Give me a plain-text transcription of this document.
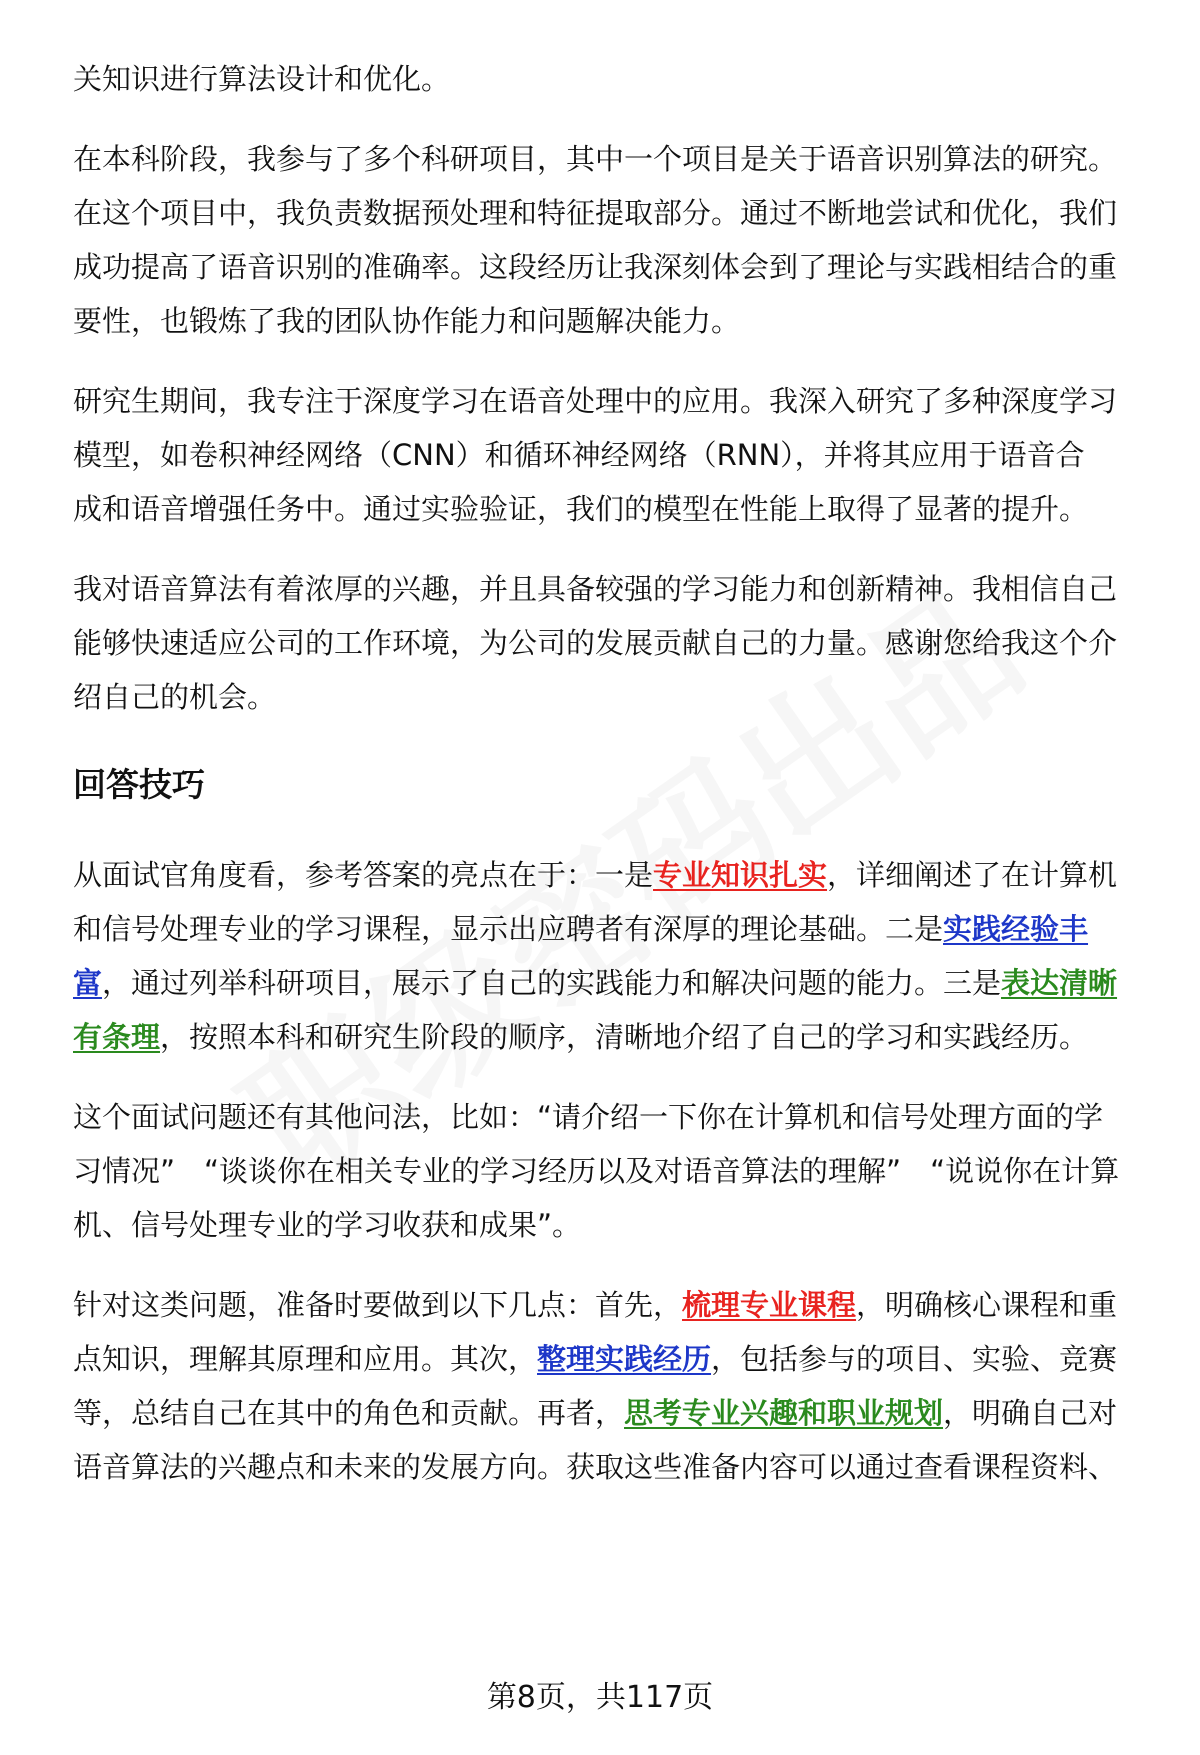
关知识进行算法设计和优化。
在本科阶段，我参与了多个科研项目，其中一个项目是关于语音识别算法的研究。
在这个项目中，我负责数据预处理和特征提取部分。通过不断地尝试和优化，我们
成功提高了语音识别的准确率。这段经历让我深刻体会到了理论与实践相结合的重
要性，也锻炼了我的团队协作能力和问题解决能力。
研究生期间，我专注于深度学习在语音处理中的应用。我深入研究了多种深度学习
模型，如卷积神经网络（CNN）和循环神经网络（RNN），并将其应用于语音合
成和语音增强任务中。通过实验验证，我们的模型在性能上取得了显著的提升。
我对语音算法有着浓厚的兴趣，并且具备较强的学习能力和创新精神。我相信自己
能够快速适应公司的工作环境，为公司的发展贡献自己的力量。感谢您给我这个介
绍自己的机会。
回答技巧
从面试官角度看，参考答案的亮点在于：一是专业知识扎实，详细阐述了在计算机
和信号处理专业的学习课程，显示出应聘者有深厚的理论基础。二是实践经验丰
富，通过列举科研项目，展示了自己的实践能力和解决问题的能力。三是表达清晰
有条理，按照本科和研究生阶段的顺序，清晰地介绍了自己的学习和实践经历。
这个面试问题还有其他问法，比如：“请介绍一下你在计算机和信号处理方面的学
习情况”　“谈谈你在相关专业的学习经历以及对语音算法的理解”　“说说你在计算
机、信号处理专业的学习收获和成果”。
针对这类问题，准备时要做到以下几点：首先，梳理专业课程，明确核心课程和重
点知识，理解其原理和应用。其次，整理实践经历，包括参与的项目、实验、竞赛
等，总结自己在其中的角色和贡献。再者，思考专业兴趣和职业规划，明确自己对
语音算法的兴趣点和未来的发展方向。获取这些准备内容可以通过查看课程资料、
第8页，共117页
